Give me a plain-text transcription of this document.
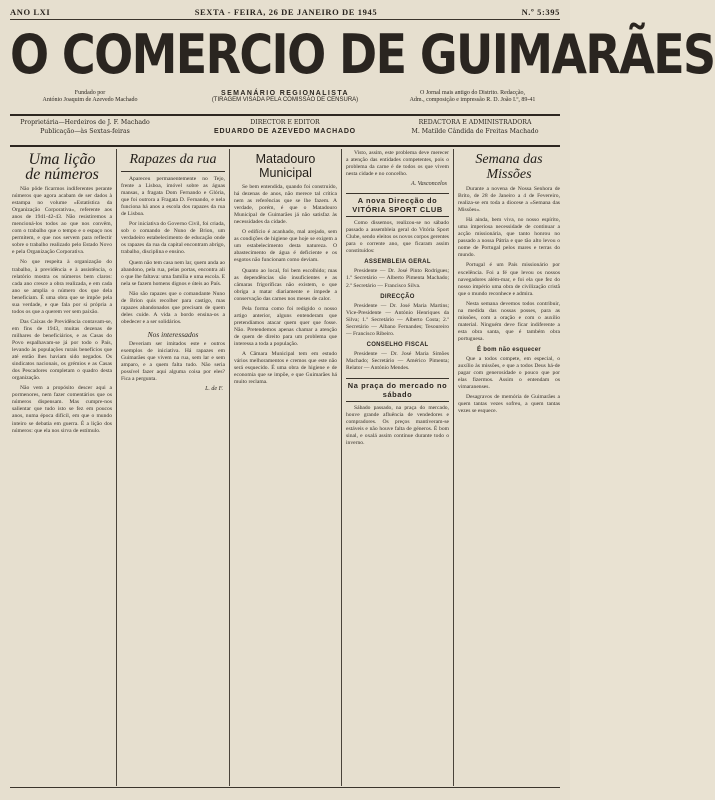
ANO LXI	SEXTA - FEIRA, 26 DE JANEIRO DE 1945	N.º 5:395
O COMERCIO DE GUIMARÃES
Fundado por
António Joaquim de Azevedo Machado
SEMANÁRIO REGIONALISTA
(TIRAGEM VISADA PELA COMISSÃO DE CENSURA)
O Jornal mais antigo do Distrito. Redacção,
Adm., composição e impressão R. D. João I.º, 89-41
Proprietária—Herdeiros de J. F. Machado
Publicação—às Sextas-feiras
DIRECTOR E EDITOR
EDUARDO DE AZEVEDO MACHADO
REDACTORA E ADMINISTRADORA
M. Matilde Cândida de Freitas Machado
Uma lição
de números

Não pôde ficarmos indiferentes perante números que agora acabam de ser dados à estampa no volume «Estatística da Organização Corporativa», referente aos anos de 1941-42-43. Não resistiremos a mencioná-los todos ao que nos convêm, com o trabalho que o tempo e o espaço nos permitem, e que nos servem para reflectir sobre o trabalho realizado pelo Estado Novo e pela Organização Corporativa.

No que respeita à organização do trabalho, à previdência e à assistência, o relatório mostra os números bem claros: cada ano cresce a obra realizada, e em cada ano se amplia o número dos que dela beneficiam. É uma obra que se impõe pela sua verdade, e que fala por si própria a todos os que a querem ver sem paixão.

Das Caixas de Previdência contavam-se, em fins de 1943, muitas dezenas de milhares de beneficiários, e as Casas do Povo espalhavam-se já por todo o País, levando às populações rurais benefícios que até então lhes haviam sido negados. Os sindicatos nacionais, os grémios e as Casas dos Pescadores completam o quadro desta organização.

Não vem a propósito descer aqui a pormenores, nem fazer comentários que os números dispensam. Mas cumpre-nos salientar que tudo isto se fez em poucos anos, numa época difícil, em que o mundo inteiro se debatia em guerra. É a lição dos números: que ela nos sirva de estímulo.

Rapazes da rua

Apareceu permanentemente no Tejo, frente a Lisboa, imóvel sobre as águas mansas, a fragata Dom Fernando e Glória, que foi outrora a Fragata D. Fernando, e nela funciona há anos a escola dos rapazes da rua de Lisboa.

Por iniciativa do Governo Civil, foi criada, sob o comando de Nuno de Brion, um verdadeiro estabelecimento de educação onde os rapazes da rua da capital encontram abrigo, trabalho, disciplina e ensino.

Quem não tem casa nem lar, quem anda ao abandono, pela rua, pelas portas, encontra ali o que lhe faltava: uma família e uma escola. E nela se fazem homens dignos e úteis ao País.

Não são rapazes que o comandante Nuno de Brion quis recolher para castigo, mas rapazes abandonados que precisam de quem deles cuide. A vida a bordo ensina-os a obedecer e a ser solidários.

Nos interessados

Deveriam ser imitados este e outros exemplos de iniciativa. Há rapazes em Guimarães que vivem na rua, sem lar e sem amparo, e a quem falta tudo. Não seria possível fazer aqui alguma coisa por eles? Fica a pergunta.

L. de F.
Matadouro
Municipal

Se bem entendida, quando foi construído, há dezenas de anos, não merece tal crítica nem as referências que se lhe fazem. A verdade, porém, é que o Matadouro Municipal de Guimarães já não satisfaz às necessidades da cidade.

O edifício é acanhado, mal arejado, sem as condições de higiene que hoje se exigem a um estabelecimento desta natureza. O abastecimento de água é deficiente e os esgotos não funcionam como deviam.

Quanto ao local, foi bem escolhido; mas as dependências são insuficientes e as câmaras frigoríficas não existem, o que obriga a matar diariamente e impede a conservação das carnes nos meses de calor.

Pela forma como foi redigido o nosso artigo anterior, alguns entenderam que pretendíamos atacar quem quer que fosse. Não. Pretendemos apenas chamar a atenção de quem de direito para um problema que interessa a toda a população.

A Câmara Municipal tem em estudo vários melhoramentos e cremos que este não será esquecido. É uma obra de higiene e de economia que se impõe, e que Guimarães há muito reclama.

Visto, assim, este problema deve merecer a atenção das entidades competentes, pois o problema da carne é de todos os que vivem nesta cidade e no concelho.

A. Vasconcelos
A nova Direcção do VITÓRIA SPORT CLUB

Como dissemos, realizou-se no sábado passado a assembleia geral do Vitória Sport Clube, sendo eleitos os novos corpos gerentes para o corrente ano, que ficaram assim constituídos:

ASSEMBLEIA GERAL

Presidente — Dr. José Pinto Rodrigues; 1.º Secretário — Alberto Pimenta Machado; 2.º Secretário — Francisco Silva.

DIRECÇÃO

Presidente — Dr. José Maria Martins; Vice-Presidente — António Henriques da Silva; 1.º Secretário — Alberto Costa; 2.º Secretário — Albano Fernandes; Tesoureiro — Francisco Ribeiro.

CONSELHO FISCAL

Presidente — Dr. José Maria Simões Machado; Secretário — Américo Pimenta; Relator — António Mendes.

Na praça do mercado no sábado

Sábado passado, na praça do mercado, houve grande afluência de vendedores e compradores. Os preços mantiveram-se estáveis e não houve falta de géneros. É bom sinal, e oxalá assim continue durante todo o inverno.

Semana das
Missões

Durante a novena de Nossa Senhora de Brito, de 28 de Janeiro a 4 de Fevereiro, realiza-se em toda a diocese a «Semana das Missões».

Há ainda, bem viva, no nosso espírito, uma imperiosa necessidade de continuar a acção missionária, que tanto honrou no passado a nossa Pátria e que tão alto levou o nome de Portugal pelos mares e terras do mundo.

Portugal é um País missionário por excelência. Foi a fé que levou os nossos navegadores além-mar, e foi ela que fez do nosso império uma obra de civilização cristã que o mundo reconhece e admira.

Nesta semana devemos todos contribuir, na medida das nossas posses, para as missões, com a oração e com o auxílio material. Ninguém deve ficar indiferente a esta obra santa, que é também obra portuguesa.

É bom não esquecer

Que a todos compete, em especial, o auxílio às missões, e que a todos Deus há-de pagar com generosidade o pouco que por elas fizermos. Assim o entendam os vimaranenses.

Desagravos de memória de Guimarães a quem tantas vezes sofreu, a quem tantas vezes se esquece.
